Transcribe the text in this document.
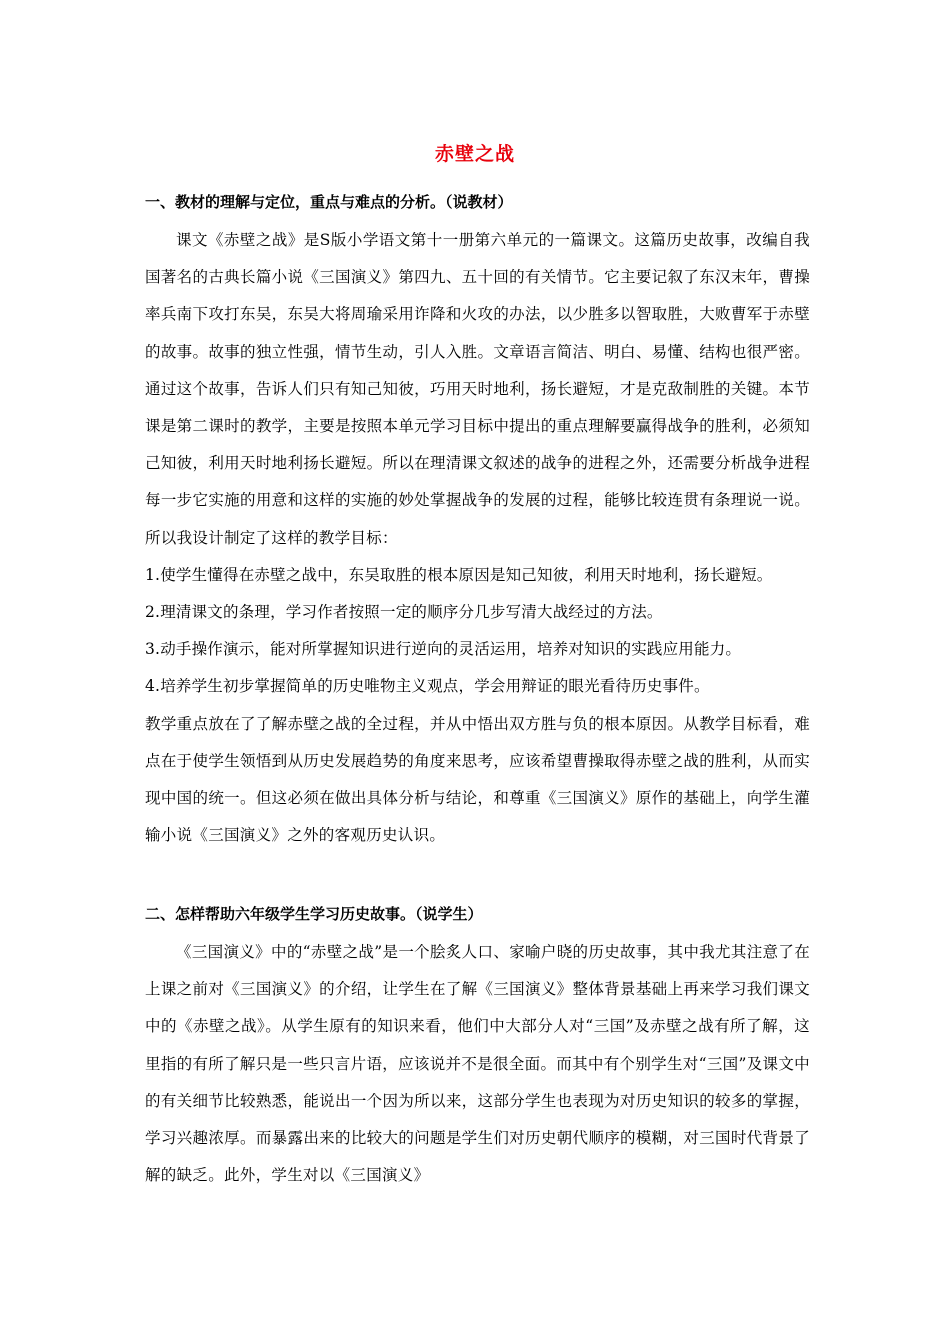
赤壁之战
一、教材的理解与定位，重点与难点的分析。（说教材）
课文《赤壁之战》是S版小学语文第十一册第六单元的一篇课文。这篇历史故事，改编自我国著名的古典长篇小说《三国演义》第四九、五十回的有关情节。它主要记叙了东汉末年，曹操率兵南下攻打东吴，东吴大将周瑜采用诈降和火攻的办法，以少胜多以智取胜，大败曹军于赤壁的故事。故事的独立性强，情节生动，引人入胜。文章语言简洁、明白、易懂、结构也很严密。通过这个故事，告诉人们只有知己知彼，巧用天时地利，扬长避短，才是克敌制胜的关键。本节课是第二课时的教学，主要是按照本单元学习目标中提出的重点理解要赢得战争的胜利，必须知己知彼，利用天时地利扬长避短。所以在理清课文叙述的战争的进程之外，还需要分析战争进程每一步它实施的用意和这样的实施的妙处掌握战争的发展的过程，能够比较连贯有条理说一说。所以我设计制定了这样的教学目标：
1.使学生懂得在赤壁之战中，东吴取胜的根本原因是知己知彼，利用天时地利，扬长避短。
2.理清课文的条理，学习作者按照一定的顺序分几步写清大战经过的方法。
3.动手操作演示，能对所掌握知识进行逆向的灵活运用，培养对知识的实践应用能力。
4.培养学生初步掌握简单的历史唯物主义观点，学会用辩证的眼光看待历史事件。
教学重点放在了了解赤壁之战的全过程，并从中悟出双方胜与负的根本原因。从教学目标看，难点在于使学生领悟到从历史发展趋势的角度来思考，应该希望曹操取得赤壁之战的胜利，从而实现中国的统一。但这必须在做出具体分析与结论，和尊重《三国演义》原作的基础上，向学生灌输小说《三国演义》之外的客观历史认识。
二、怎样帮助六年级学生学习历史故事。（说学生）
《三国演义》中的“赤壁之战”是一个脍炙人口、家喻户晓的历史故事，其中我尤其注意了在上课之前对《三国演义》的介绍，让学生在了解《三国演义》整体背景基础上再来学习我们课文中的《赤壁之战》。从学生原有的知识来看，他们中大部分人对“三国”及赤壁之战有所了解，这里指的有所了解只是一些只言片语，应该说并不是很全面。而其中有个别学生对“三国”及课文中的有关细节比较熟悉，能说出一个因为所以来，这部分学生也表现为对历史知识的较多的掌握，学习兴趣浓厚。而暴露出来的比较大的问题是学生们对历史朝代顺序的模糊，对三国时代背景了解的缺乏。此外，学生对以《三国演义》
